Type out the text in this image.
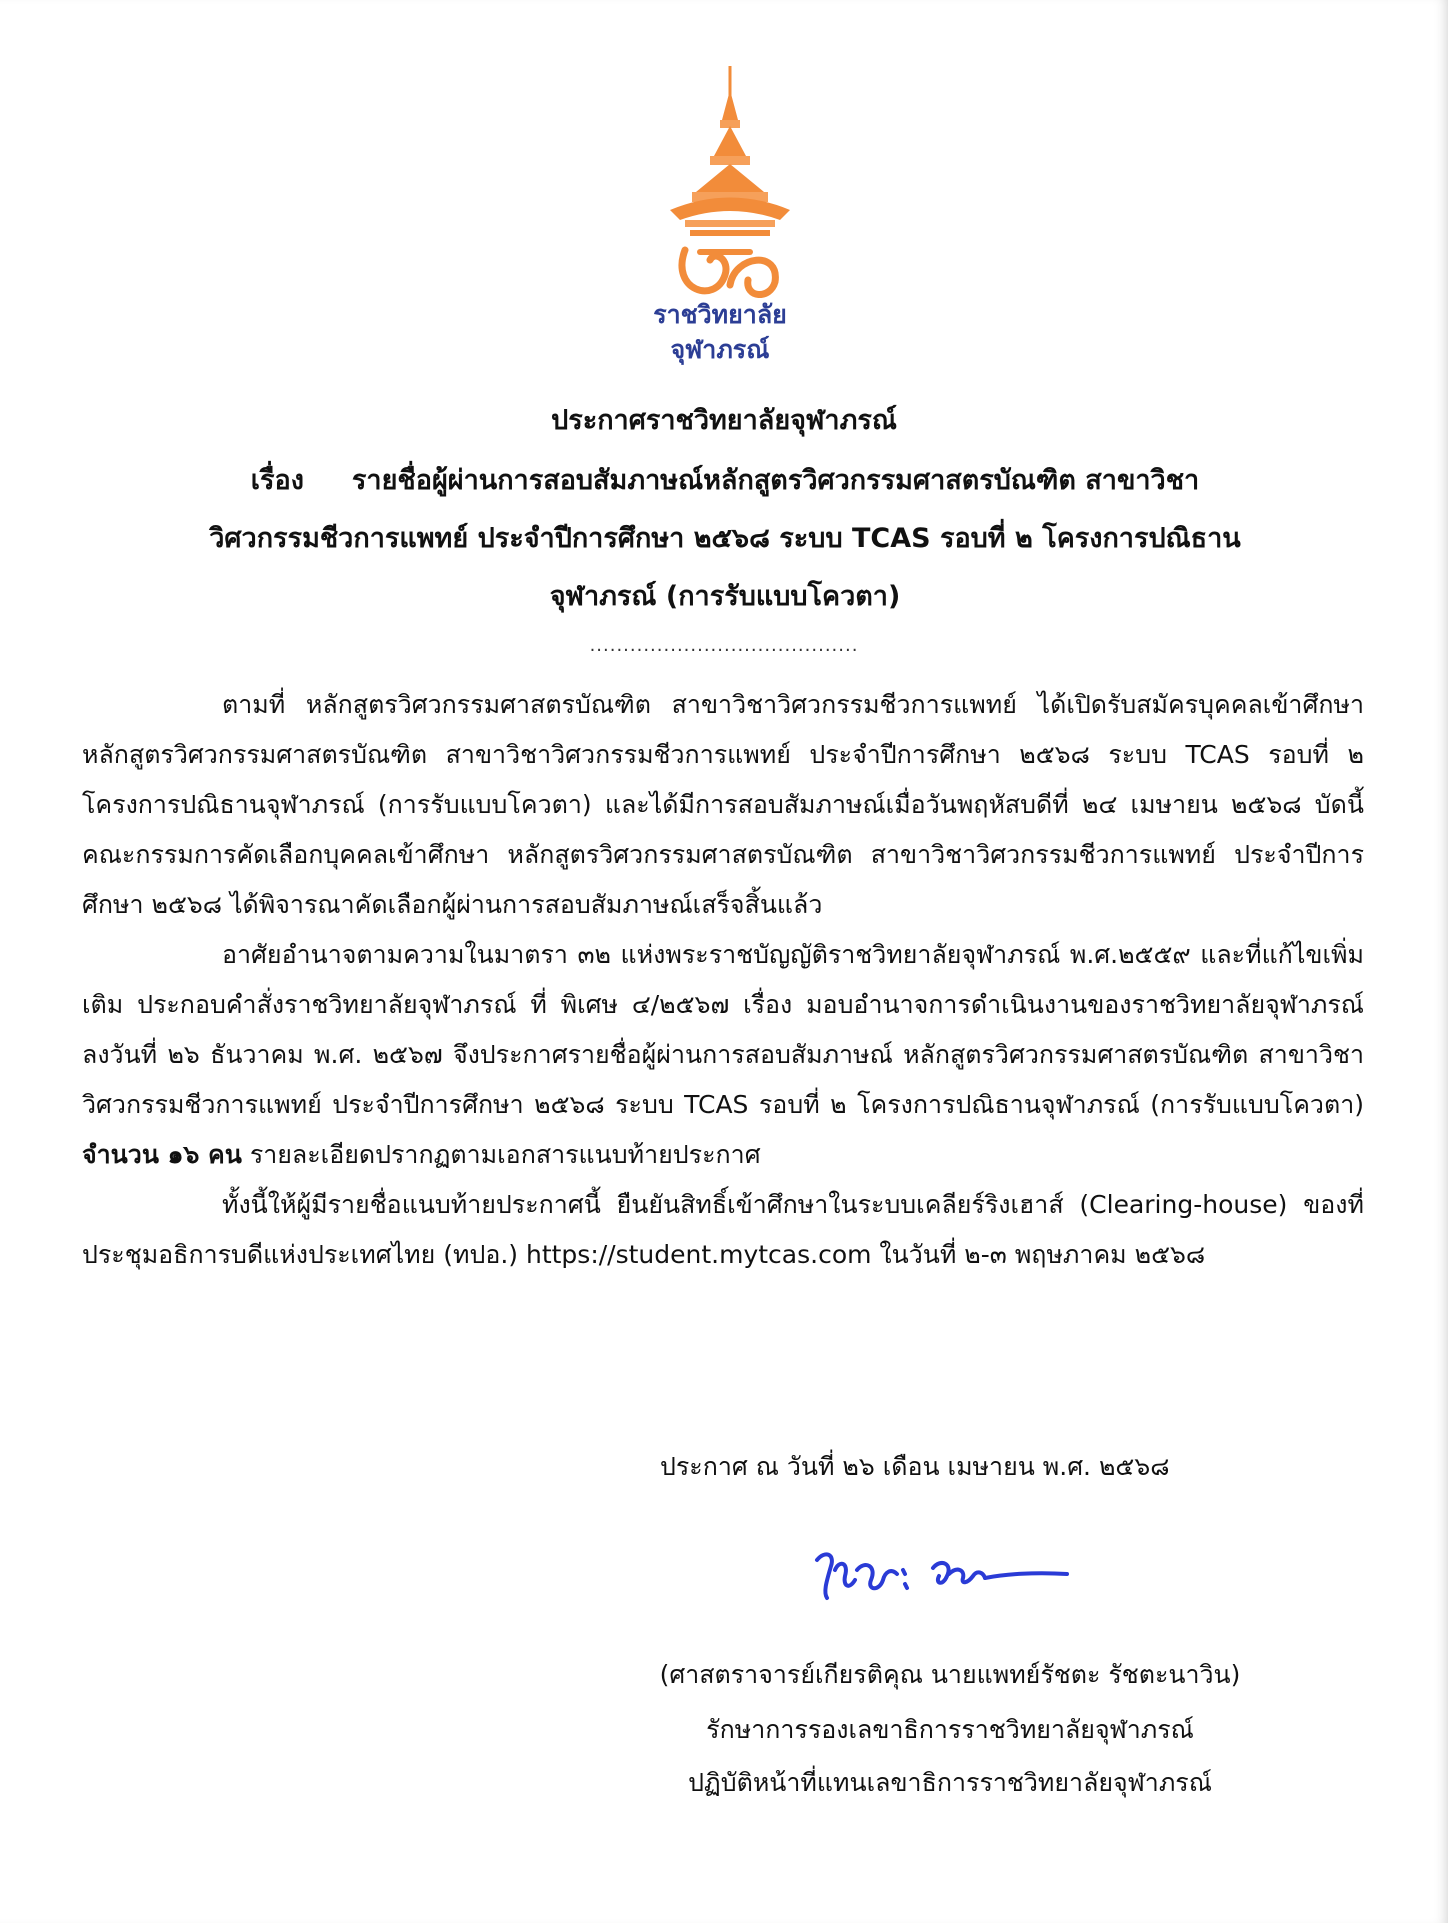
ราชวิทยาลัย
จุฬาภรณ์
ประกาศราชวิทยาลัยจุฬาภรณ์
เรื่อง รายชื่อผู้ผ่านการสอบสัมภาษณ์หลักสูตรวิศวกรรมศาสตรบัณฑิต สาขาวิชา
วิศวกรรมชีวการแพทย์ ประจำปีการศึกษา ๒๕๖๘ ระบบ TCAS รอบที่ ๒ โครงการปณิธาน
จุฬาภรณ์ (การรับแบบโควตา)
........................................

ตามที่ หลักสูตรวิศวกรรมศาสตรบัณฑิต สาขาวิชาวิศวกรรมชีวการแพทย์ ได้เปิดรับสมัครบุคคลเข้าศึกษา หลักสูตรวิศวกรรมศาสตรบัณฑิต สาขาวิชาวิศวกรรมชีวการแพทย์ ประจำปีการศึกษา ๒๕๖๘ ระบบ TCAS รอบที่ ๒ โครงการปณิธานจุฬาภรณ์ (การรับแบบโควตา) และได้มีการสอบสัมภาษณ์เมื่อวันพฤหัสบดีที่ ๒๔ เมษายน ๒๕๖๘ บัดนี้ คณะกรรมการคัดเลือกบุคคลเข้าศึกษา หลักสูตรวิศวกรรมศาสตรบัณฑิต สาขาวิชาวิศวกรรมชีวการแพทย์ ประจำปีการศึกษา ๒๕๖๘ ได้พิจารณาคัดเลือกผู้ผ่านการสอบสัมภาษณ์เสร็จสิ้นแล้ว

อาศัยอำนาจตามความในมาตรา ๓๒ แห่งพระราชบัญญัติราชวิทยาลัยจุฬาภรณ์ พ.ศ.๒๕๕๙ และที่แก้ไขเพิ่มเติม ประกอบคำสั่งราชวิทยาลัยจุฬาภรณ์ ที่ พิเศษ ๔/๒๕๖๗ เรื่อง มอบอำนาจการดำเนินงานของราชวิทยาลัยจุฬาภรณ์ ลงวันที่ ๒๖ ธันวาคม พ.ศ. ๒๕๖๗ จึงประกาศรายชื่อผู้ผ่านการสอบสัมภาษณ์ หลักสูตรวิศวกรรมศาสตรบัณฑิต สาขาวิชาวิศวกรรมชีวการแพทย์ ประจำปีการศึกษา ๒๕๖๘ ระบบ TCAS รอบที่ ๒ โครงการปณิธานจุฬาภรณ์ (การรับแบบโควตา) จำนวน ๑๖ คน รายละเอียดปรากฏตามเอกสารแนบท้ายประกาศ

ทั้งนี้ให้ผู้มีรายชื่อแนบท้ายประกาศนี้ ยืนยันสิทธิ์เข้าศึกษาในระบบเคลียร์ริงเฮาส์ (Clearing-house) ของที่ประชุมอธิการบดีแห่งประเทศไทย (ทปอ.) https://student.mytcas.com ในวันที่ ๒-๓ พฤษภาคม ๒๕๖๘

ประกาศ ณ วันที่ ๒๖ เดือน เมษายน พ.ศ. ๒๕๖๘
(ศาสตราจารย์เกียรติคุณ นายแพทย์รัชตะ รัชตะนาวิน)
รักษาการรองเลขาธิการราชวิทยาลัยจุฬาภรณ์
ปฏิบัติหน้าที่แทนเลขาธิการราชวิทยาลัยจุฬาภรณ์
